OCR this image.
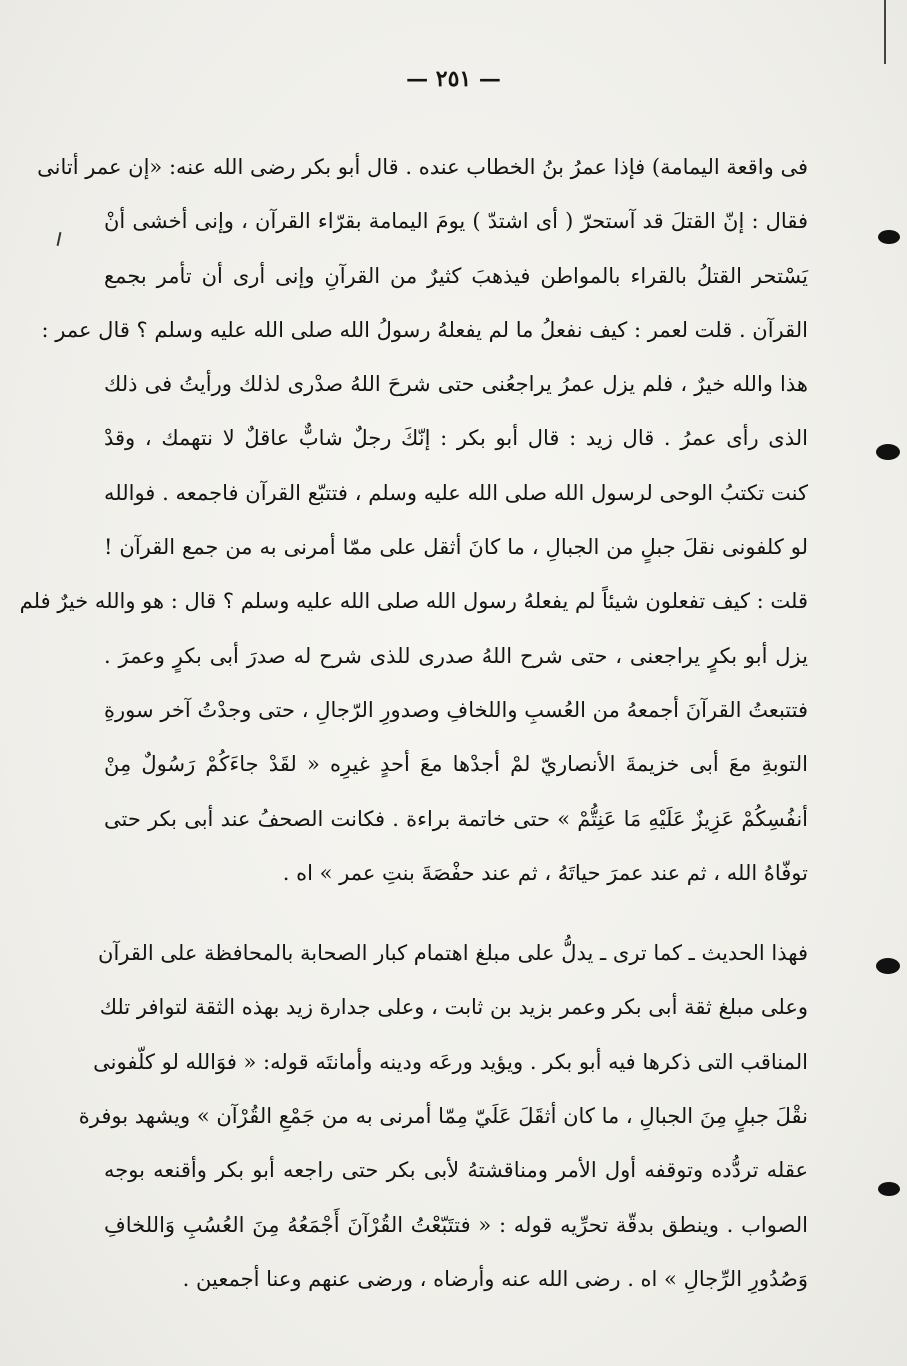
— ٢٥١ —
فى واقعة اليمامة) فإذا عمرُ بنُ الخطاب عنده . قال أبو بكر رضى الله عنه: «إن عمر أتانى
فقال : إنّ القتلَ قد آستحرّ ( أى اشتدّ ) يومَ اليمامة بقرّاء القرآن ، وإنى أخشى أنْ
يَسْتحر القتلُ بالقراء بالمواطن فيذهبَ كثيرٌ من القرآنِ وإنى أرى أن تأمر بجمع
القرآن . قلت لعمر : كيف نفعلُ ما لم يفعلهُ رسولُ الله صلى الله عليه وسلم ؟ قال عمر :
هذا والله خيرٌ ، فلم يزل عمرُ يراجعُنى حتى شرحَ اللهُ صدْرى لذلك ورأيتُ فى ذلك
الذى رأى عمرُ . قال زيد : قال أبو بكر : إنّكَ رجلٌ شابٌّ عاقلٌ لا نتهمك ، وقدْ
كنت تكتبُ الوحى لرسول الله صلى الله عليه وسلم ، فتتبّع القرآن فاجمعه . فوالله
لو كلفونى نقلَ جبلٍ من الجبالِ ، ما كانَ أثقل على ممّا أمرنى به من جمع القرآن !
قلت : كيف تفعلون شيئاً لم يفعلهُ رسول الله صلى الله عليه وسلم ؟ قال : هو والله خيرٌ فلم
يزل أبو بكرٍ يراجعنى ، حتى شرح اللهُ صدرى للذى شرح له صدرَ أبى بكرٍ وعمرَ .
فتتبعتُ القرآنَ أجمعهُ من العُسبِ واللخافِ وصدورِ الرّجالِ ، حتى وجدْتُ آخر سورةِ
التوبةِ معَ أبى خزيمةَ الأنصاريّ لمْ أجدْها معَ أحدٍ غيرِه « لقَدْ جاءَكُمْ رَسُولٌ مِنْ
أنفُسِكُمْ عَزِيزٌ عَلَيْهِ مَا عَنِتُّمْ » حتى خاتمة براءة . فكانت الصحفُ عند أبى بكر حتى
توفّاهُ الله ، ثم عند عمرَ حياتَهُ ، ثم عند حفْصَةَ بنتِ عمر » اه .
فهذا الحديث ـ كما ترى ـ يدلُّ على مبلغ اهتمام كبار الصحابة بالمحافظة على القرآن
وعلى مبلغ ثقة أبى بكر وعمر بزيد بن ثابت ، وعلى جدارة زيد بهذه الثقة لتوافر تلك
المناقب التى ذكرها فيه أبو بكر . ويؤيد ورعَه ودينه وأمانتَه قوله: « فوَالله لو كلّفونى
نقْلَ جبلٍ مِنَ الجبالِ ، ما كان أثقَلَ عَلَيّ مِمّا أمرنى به من جَمْعِ القُرْآن » ويشهد بوفرة
عقله تردُّده وتوقفه أول الأمر ومناقشتهُ لأبى بكر حتى راجعه أبو بكر وأقنعه بوجه
الصواب . وينطق بدقّة تحرِّيه قوله : « فتتَبّعْتُ القُرْآنَ أَجْمَعُهُ مِنَ العُسُبِ وَاللخافِ
وَصُدُورِ الرِّجالِ » اه . رضى الله عنه وأرضاه ، ورضى عنهم وعنا أجمعين .
